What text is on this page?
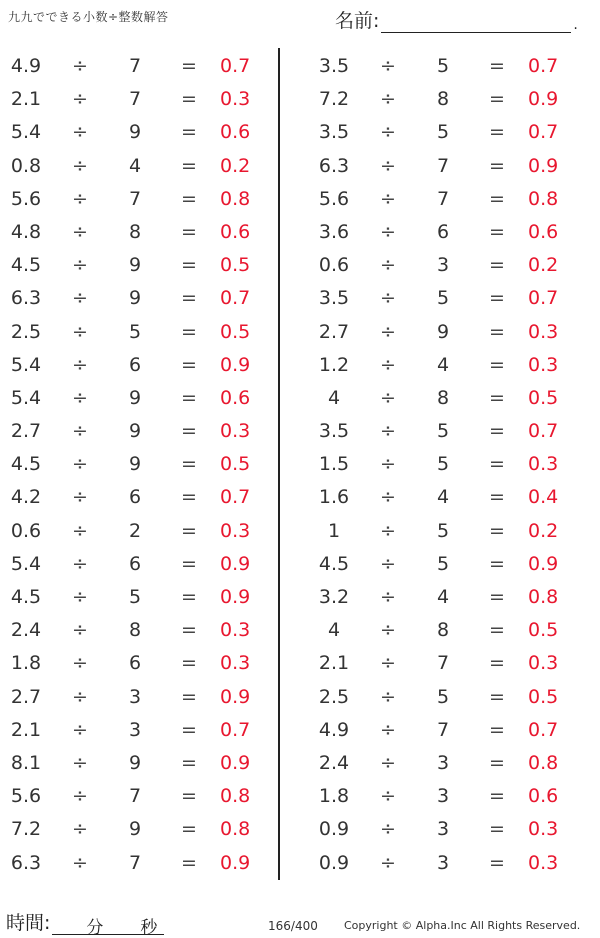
九九でできる小数÷整数解答	名前:	.
4.9 ÷ 7 = 0.7
2.1 ÷ 7 = 0.3
5.4 ÷ 9 = 0.6
0.8 ÷ 4 = 0.2
5.6 ÷ 7 = 0.8
4.8 ÷ 8 = 0.6
4.5 ÷ 9 = 0.5
6.3 ÷ 9 = 0.7
2.5 ÷ 5 = 0.5
5.4 ÷ 6 = 0.9
5.4 ÷ 9 = 0.6
2.7 ÷ 9 = 0.3
4.5 ÷ 9 = 0.5
4.2 ÷ 6 = 0.7
0.6 ÷ 2 = 0.3
5.4 ÷ 6 = 0.9
4.5 ÷ 5 = 0.9
2.4 ÷ 8 = 0.3
1.8 ÷ 6 = 0.3
2.7 ÷ 3 = 0.9
2.1 ÷ 3 = 0.7
8.1 ÷ 9 = 0.9
5.6 ÷ 7 = 0.8
7.2 ÷ 9 = 0.8
6.3 ÷ 7 = 0.9
3.5 ÷ 5 = 0.7
7.2 ÷ 8 = 0.9
3.5 ÷ 5 = 0.7
6.3 ÷ 7 = 0.9
5.6 ÷ 7 = 0.8
3.6 ÷ 6 = 0.6
0.6 ÷ 3 = 0.2
3.5 ÷ 5 = 0.7
2.7 ÷ 9 = 0.3
1.2 ÷ 4 = 0.3
4	÷ 8 = 0.5
3.5 ÷ 5 = 0.7
1.5 ÷ 5 = 0.3
1.6 ÷ 4 = 0.4
1	÷ 5 = 0.2
4.5 ÷ 5 = 0.9
3.2 ÷ 4 = 0.8
4	÷ 8 = 0.5
2.1 ÷ 7 = 0.3
2.5 ÷ 5 = 0.5
4.9 ÷ 7 = 0.7
2.4 ÷ 3 = 0.8
1.8 ÷ 3 = 0.6
0.9 ÷ 3 = 0.3
0.9 ÷ 3 = 0.3
時間: 分 秒	166/400 Copyright © Alpha.Inc All Rights Reserved.
